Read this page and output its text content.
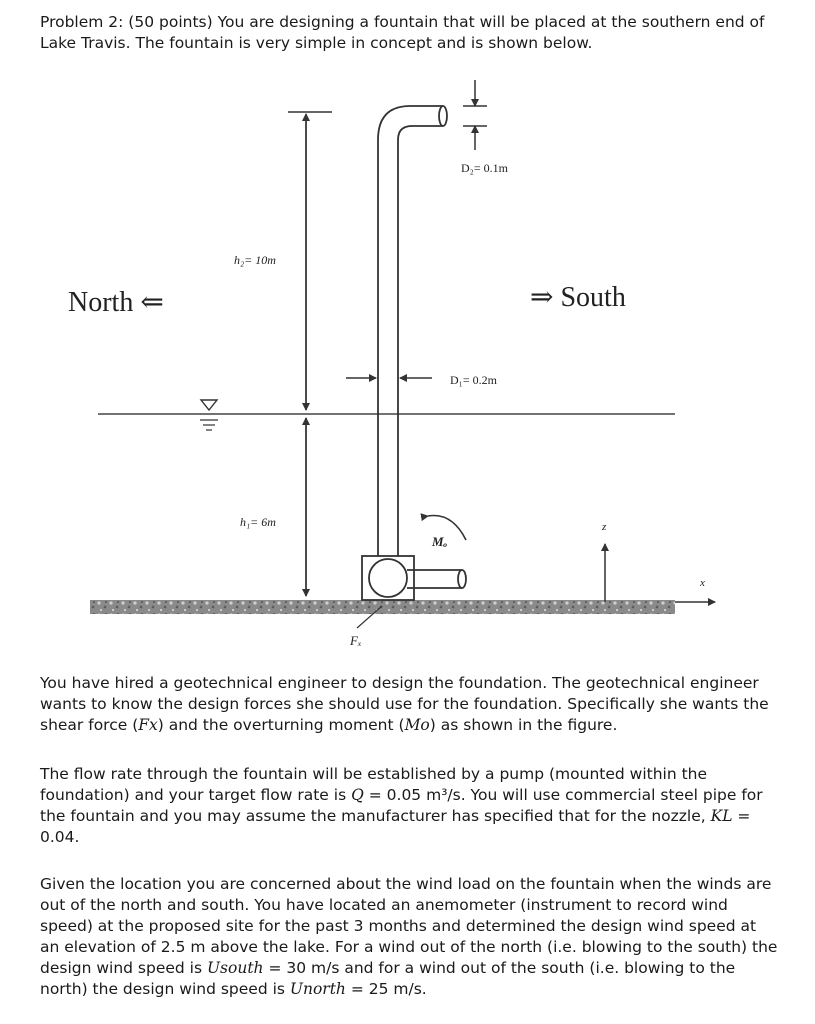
Problem 2: (50 points) You are designing a fountain that will be placed at the southern end of Lake Travis. The fountain is very simple in concept and is shown below.

North ⇐	⇒ South
h₂= 10m
h₁= 6m
D₂= 0.1m
D₁= 0.2m
Mₒ
Fₓ
z
x

You have hired a geotechnical engineer to design the foundation. The geotechnical engineer wants to know the design forces she should use for the foundation. Specifically she wants the shear force (Fx) and the overturning moment (Mo) as shown in the figure.

The flow rate through the fountain will be established by a pump (mounted within the foundation) and your target flow rate is Q = 0.05 m³/s. You will use commercial steel pipe for the fountain and you may assume the manufacturer has specified that for the nozzle, KL = 0.04.

Given the location you are concerned about the wind load on the fountain when the winds are out of the north and south. You have located an anemometer (instrument to record wind speed) at the proposed site for the past 3 months and determined the design wind speed at an elevation of 2.5 m above the lake. For a wind out of the north (i.e. blowing to the south) the design wind speed is Usouth = 30 m/s and for a wind out of the south (i.e. blowing to the north) the design wind speed is Unorth = 25 m/s.
